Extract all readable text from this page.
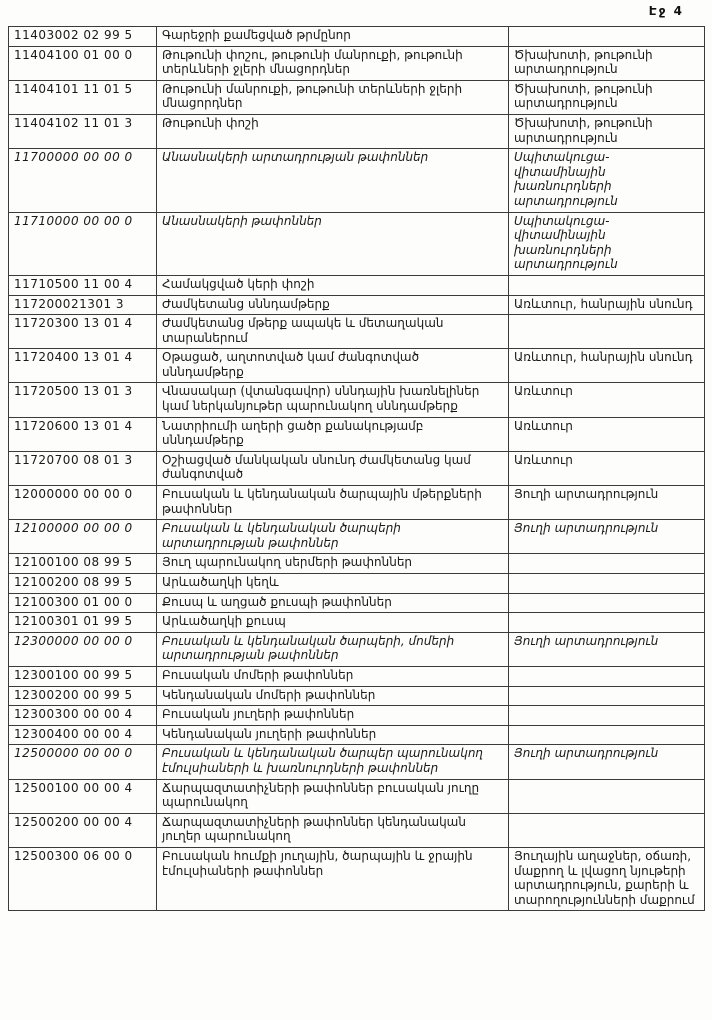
Էջ 4
11403002 02 99 5	Գարեջրի քամեցված թրմընոր	
11404100 01 00 0	Թութունի փոշու, թութունի մանրուքի, թութունի տերևների ջլերի մնացորդներ	Ծխախոտի, թութունի արտադրություն
11404101 11 01 5	Թութունի մանրուքի, թութունի տերևների ջլերի մնացորդներ	Ծխախոտի, թութունի արտադրություն
11404102 11 01 3	Թութունի փոշի	Ծխախոտի, թութունի արտադրություն
11700000 00 00 0	Անասնակերի արտադրության թափոններ	Սպիտակուցա-վիտամինային խառնուրդների արտադրություն
11710000 00 00 0	Անասնակերի թափոններ	Սպիտակուցա-վիտամինային խառնուրդների արտադրություն
11710500 11 00 4	Համակցված կերի փոշի	
117200021301 3	Ժամկետանց սննդամթերք	Առևտուր, հանրային սնունդ
11720300 13 01 4	Ժամկետանց մթերք ապակե և մետաղական տարաներում	
11720400 13 01 4	Օթացած, աղտոտված կամ ժանգոտված սննդամթերք	Առևտուր, հանրային սնունդ
11720500 13 01 3	Վնասակար (վտանգավոր) սննդային խառնելիներ կամ ներկանյութեր պարունակող սննդամթերք	Առևտուր
11720600 13 01 4	Նատրիումի աղերի ցածր քանակությամբ սննդամթերք	Առևտուր
11720700 08 01 3	Օշիացված մանկական սնունդ ժամկետանց կամ ժանգոտված	Առևտուր
12000000 00 00 0	Բուսական և կենդանական ծարպային մթերքների թափոններ	Յուղի արտադրություն
12100000 00 00 0	Բուսական և կենդանական ծարպերի արտադրության թափոններ	Յուղի արտադրություն
12100100 08 99 5	Յուղ պարունակող սերմերի թափոններ	
12100200 08 99 5	Արևածաղկի կեղև	
12100300 01 00 0	Քուսպ և աղցած քուսպի թափոններ	
12100301 01 99 5	Արևածաղկի քուսպ	
12300000 00 00 0	Բուսական և կենդանական ծարպերի, մոմերի արտադրության թափոններ	Յուղի արտադրություն
12300100 00 99 5	Բուսական մոմերի թափոններ	
12300200 00 99 5	Կենդանական մոմերի թափոններ	
12300300 00 00 4	Բուսական յուղերի թափոններ	
12300400 00 00 4	Կենդանական յուղերի թափոններ	
12500000 00 00 0	Բուսական և կենդանական ծարպեր պարունակող էմուլսիաների և խառնուրդների թափոններ	Յուղի արտադրություն
12500100 00 00 4	Ճարպազտատիչների թափոններ բուսական յուղը պարունակող	
12500200 00 00 4	Ճարպազտատիչների թափոններ կենդանական յուղեր պարունակող	
12500300 06 00 0	Բուսական հումքի յուղային, ծարպային և ջրային էմուլսիաների թափոններ	Յուղային աղաջներ, օճառի, մաքրող և լվացող նյութերի արտադրություն, քարերի և տարողությունների մաքրում
